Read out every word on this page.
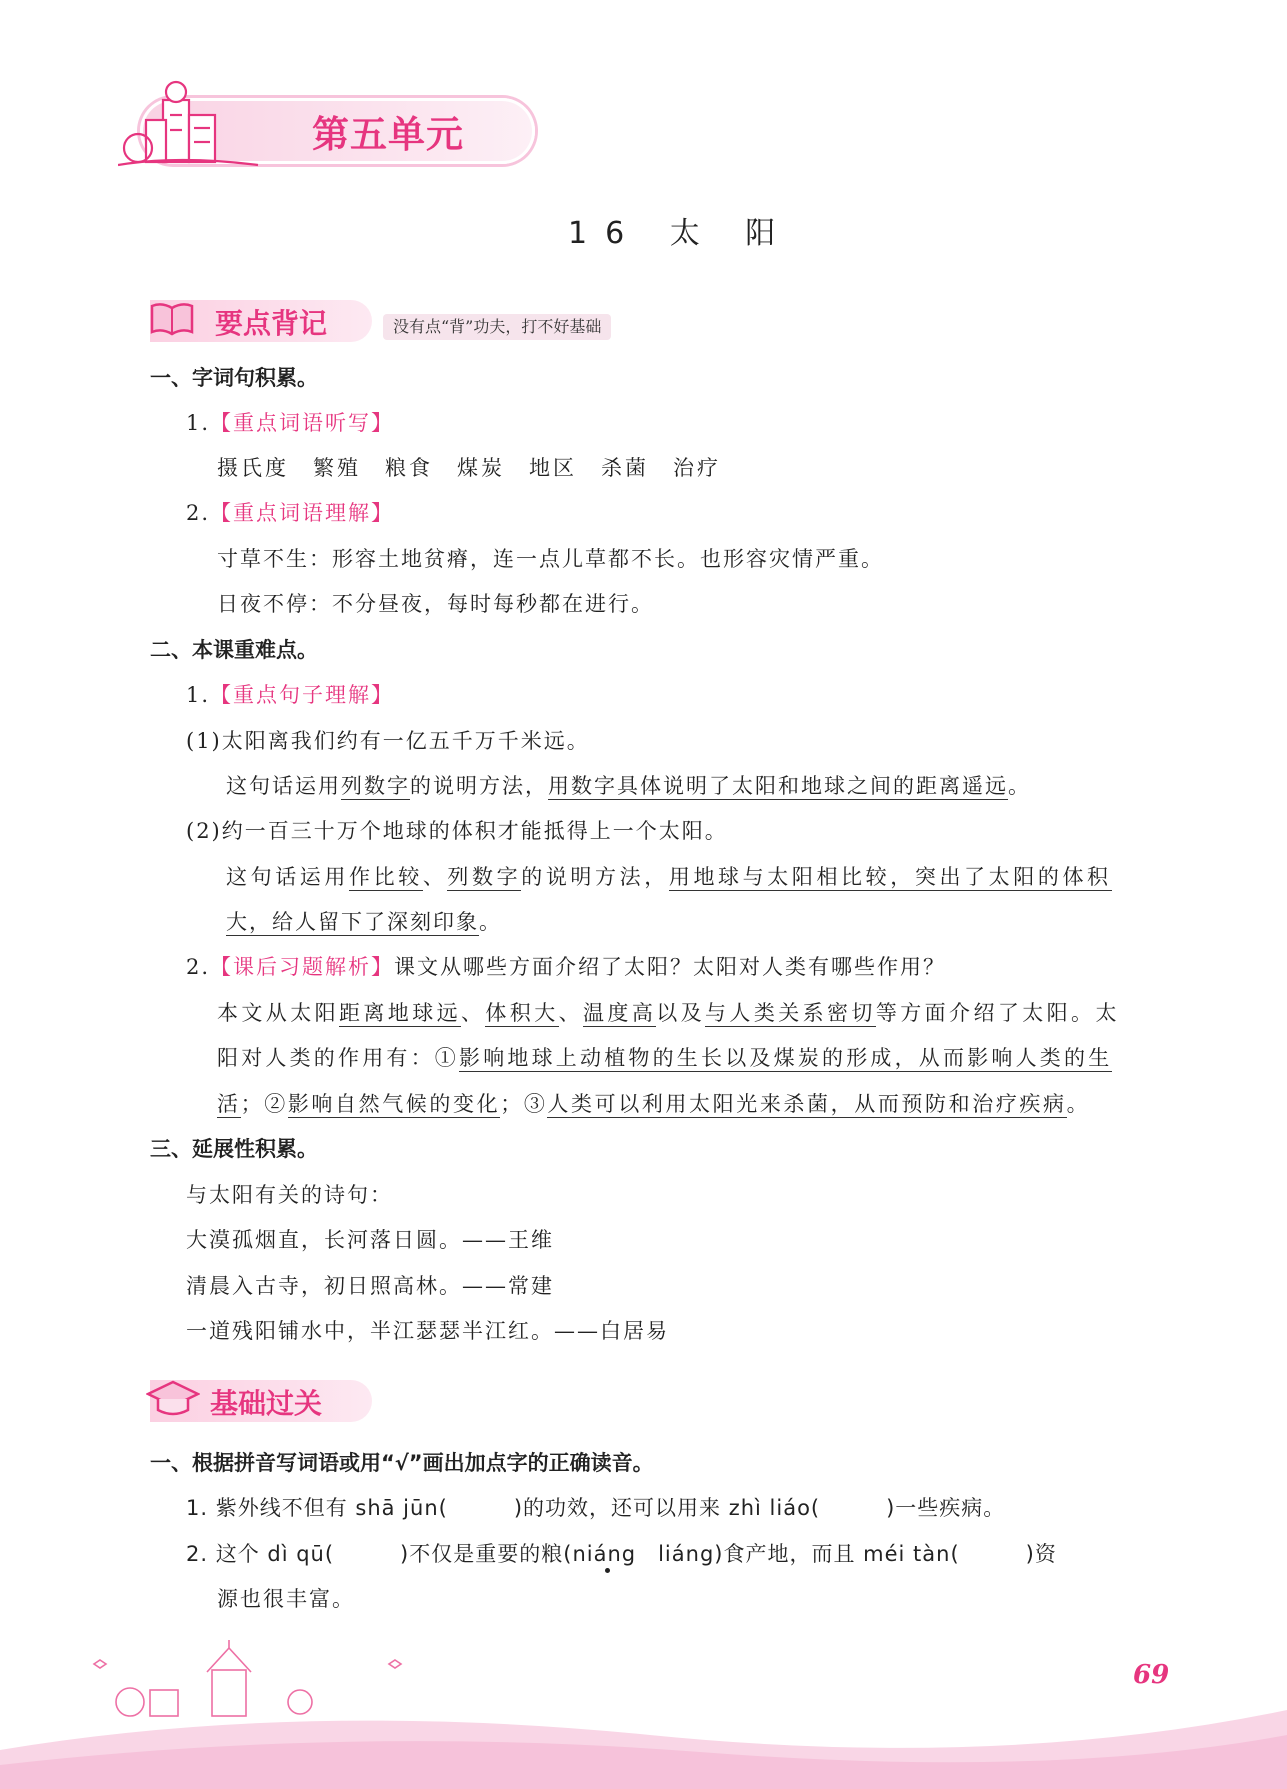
第五单元
16 太 阳
要点背记	没有点“背”功夫，打不好基础
一、字词句积累。
1.【重点词语听写】
摄氏度　繁殖　粮食　煤炭　地区　杀菌　治疗
2.【重点词语理解】
寸草不生：形容土地贫瘠，连一点儿草都不长。也形容灾情严重。
日夜不停：不分昼夜，每时每秒都在进行。
二、本课重难点。
1.【重点句子理解】
(1)太阳离我们约有一亿五千万千米远。
这句话运用列数字的说明方法，用数字具体说明了太阳和地球之间的距离遥远。
(2)约一百三十万个地球的体积才能抵得上一个太阳。
这句话运用作比较、列数字的说明方法，用地球与太阳相比较，突出了太阳的体积
大，给人留下了深刻印象。
2.【课后习题解析】课文从哪些方面介绍了太阳？太阳对人类有哪些作用？
本文从太阳距离地球远、体积大、温度高以及与人类关系密切等方面介绍了太阳。太
阳对人类的作用有：①影响地球上动植物的生长以及煤炭的形成，从而影响人类的生
活；②影响自然气候的变化；③人类可以利用太阳光来杀菌，从而预防和治疗疾病。
三、延展性积累。
与太阳有关的诗句：
大漠孤烟直，长河落日圆。——王维
清晨入古寺，初日照高林。——常建
一道残阳铺水中，半江瑟瑟半江红。——白居易
基础过关
一、根据拼音写词语或用“√”画出加点字的正确读音。
1. 紫外线不但有 shā jūn(　　　)的功效，还可以用来 zhì liáo(　　　)一些疾病。
2. 这个 dì qū(　　　)不仅是重要的粮(niáng　liáng)食产地，而且 méi tàn(　　　)资
源也很丰富。
69
